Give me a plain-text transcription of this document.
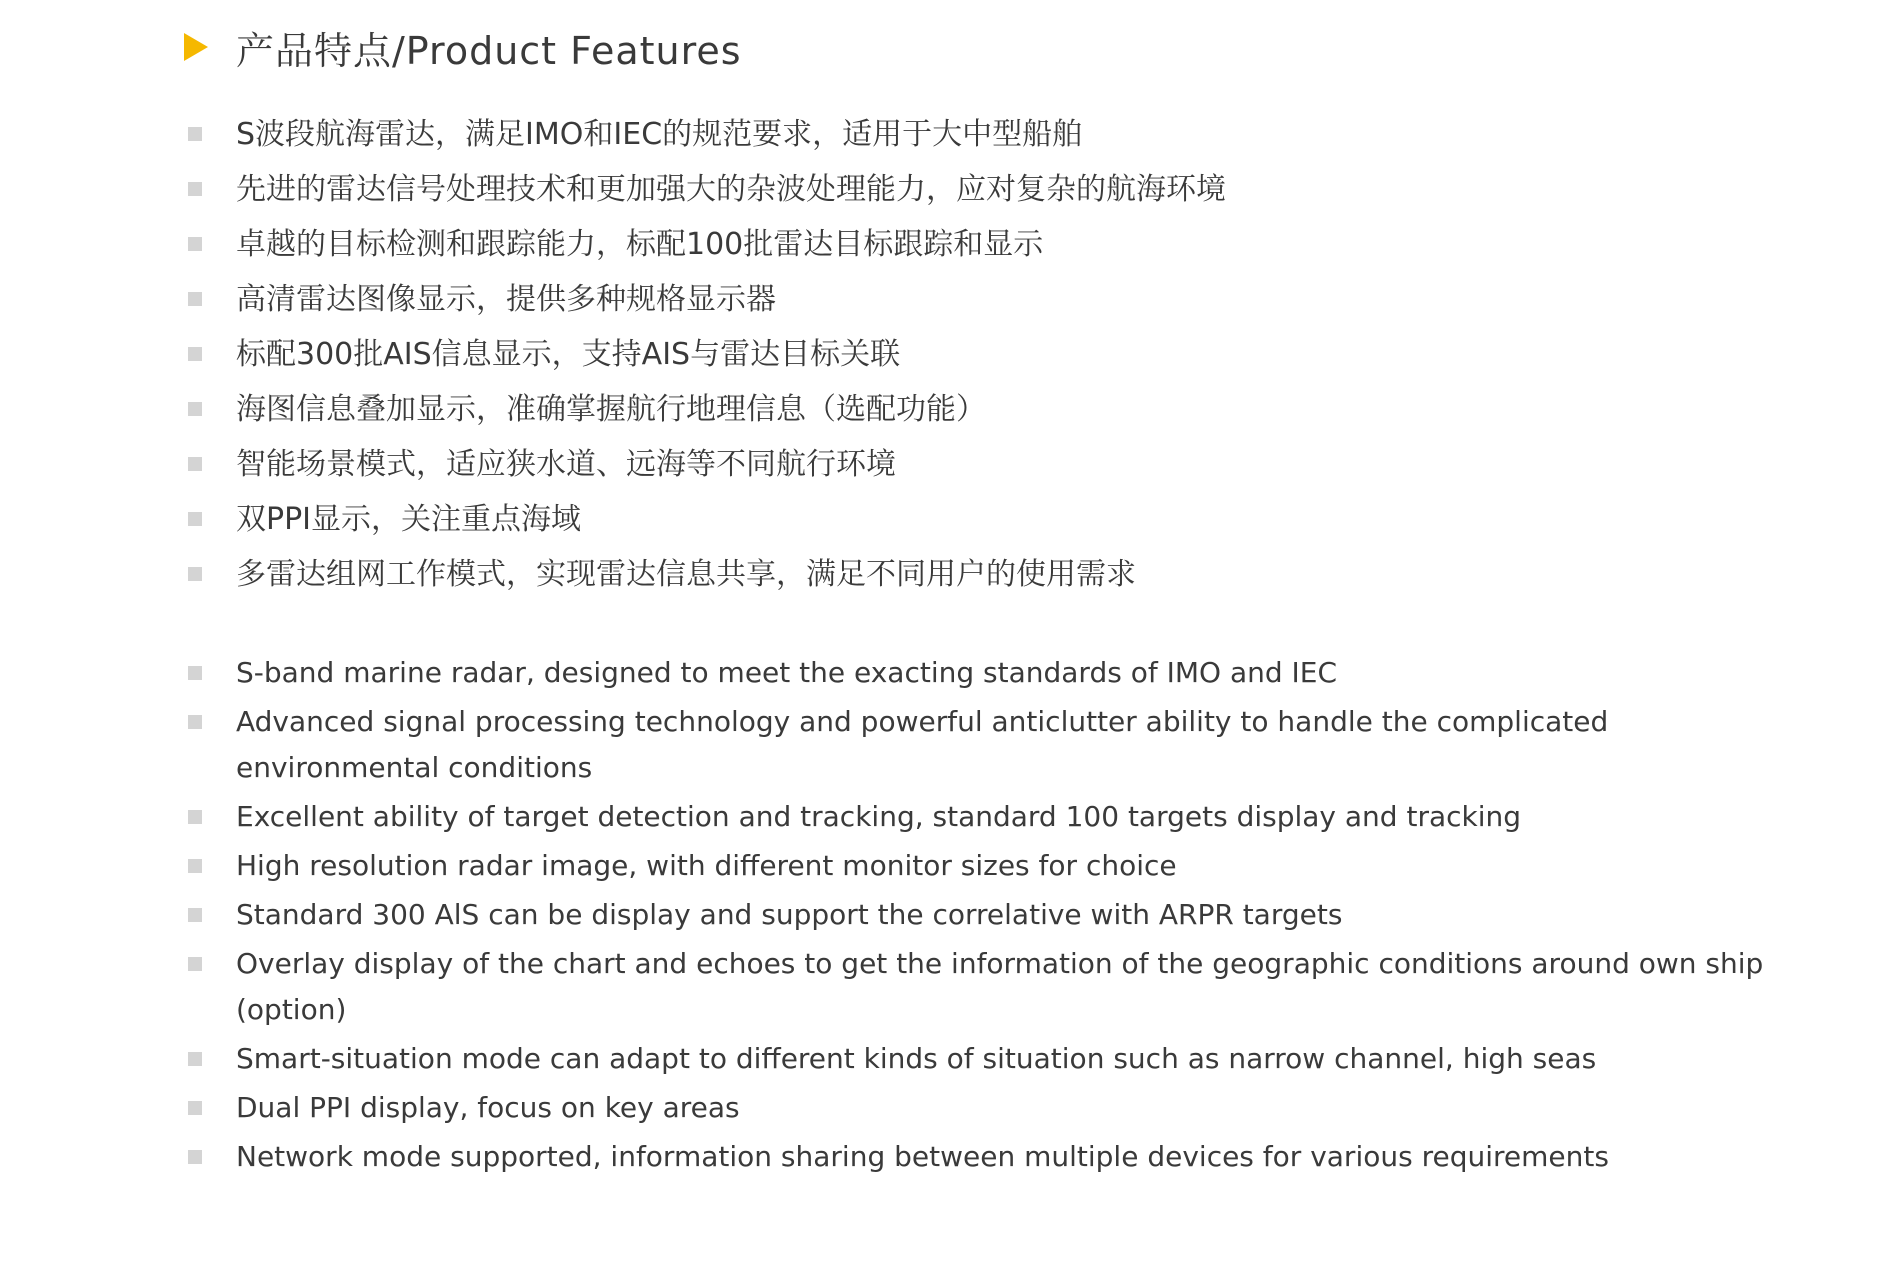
产品特点/Product Features
S波段航海雷达，满足IMO和IEC的规范要求，适用于大中型船舶
先进的雷达信号处理技术和更加强大的杂波处理能力，应对复杂的航海环境
卓越的目标检测和跟踪能力，标配100批雷达目标跟踪和显示
高清雷达图像显示，提供多种规格显示器
标配300批AIS信息显示，支持AIS与雷达目标关联
海图信息叠加显示，准确掌握航行地理信息（选配功能）
智能场景模式，适应狭水道、远海等不同航行环境
双PPI显示，关注重点海域
多雷达组网工作模式，实现雷达信息共享，满足不同用户的使用需求
S-band marine radar, designed to meet the exacting standards of IMO and IEC
Advanced signal processing technology and powerful anticlutter ability to handle the complicated environmental conditions
Excellent ability of target detection and tracking, standard 100 targets display and tracking
High resolution radar image, with different monitor sizes for choice
Standard 300 AlS can be display and support the correlative with ARPR targets
Overlay display of the chart and echoes to get the information of the geographic conditions around own ship (option)
Smart-situation mode can adapt to different kinds of situation such as narrow channel, high seas
Dual PPI display, focus on key areas
Network mode supported, information sharing between multiple devices for various requirements
